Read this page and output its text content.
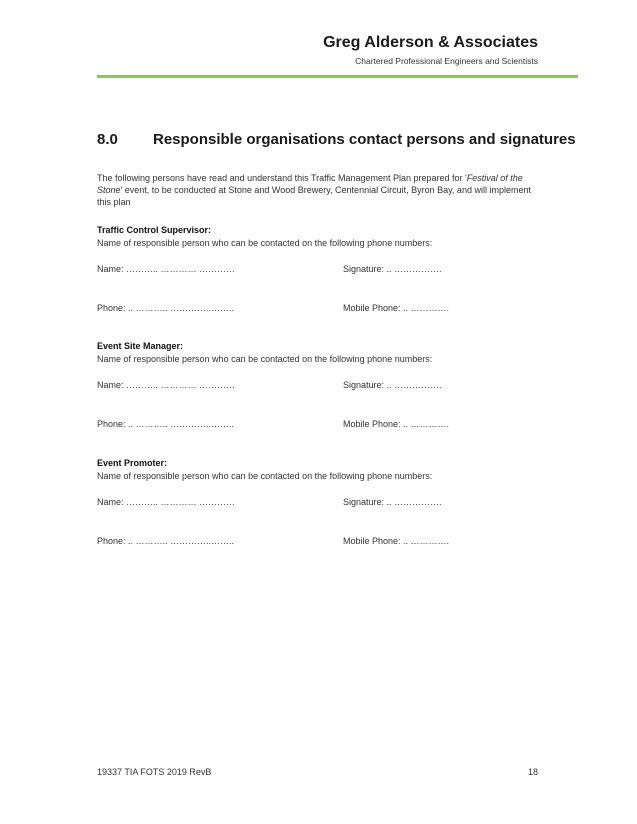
Greg Alderson & Associates
Chartered Professional Engineers and Scientists
8.0 Responsible organisations contact persons and signatures
The following persons have read and understand this Traffic Management Plan prepared for 'Festival of the Stone' event, to be conducted at Stone and Wood Brewery, Centennial Circuit, Byron Bay, and will implement this plan
Traffic Control Supervisor:
Name of responsible person who can be contacted on the following phone numbers:
Name: ……….. ………… …………	Signature: .. …………….
Phone: .. ……….. …………..……..	Mobile Phone: .. ………….
Event Site Manager:
Name of responsible person who can be contacted on the following phone numbers:
Name: ……….. ………… …………	Signature: .. …………….
Phone: .. ……….. …………..……..	Mobile Phone: .. ………….
Event Promoter:
Name of responsible person who can be contacted on the following phone numbers:
Name: ……….. ………… …………	Signature: .. …………….
Phone: .. ……….. …………..……..	Mobile Phone: .. ………….
19337 TIA FOTS 2019 RevB	18
